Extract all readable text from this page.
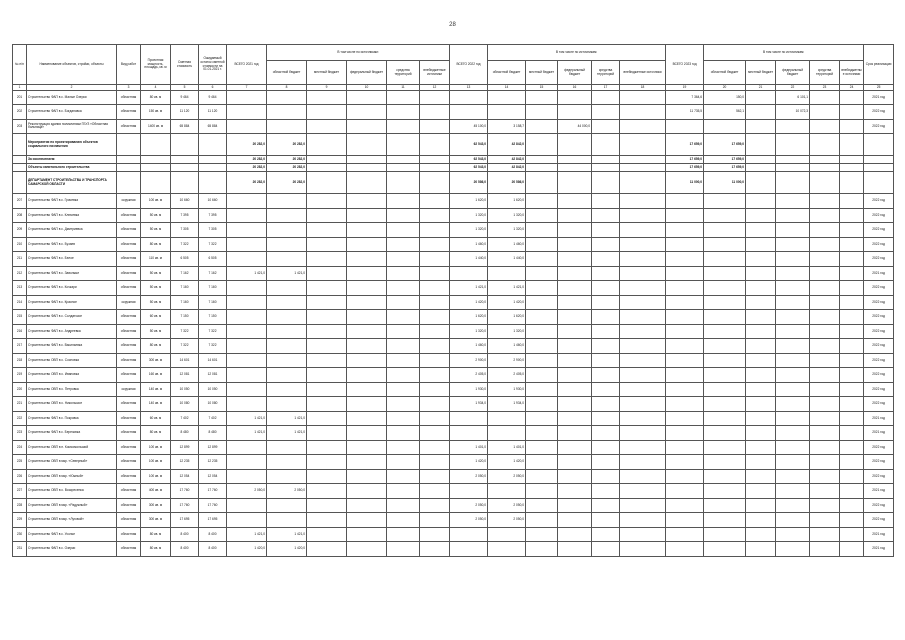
28
№ п/п	Наименование объектов, стройки, объекты	Вид работ	Проектная мощность, площадь, кв. м	Сметная стоимость	Ожидаемый остаток сметной стоимости на 01.01.2021 г.	ВСЕГО 2021 год	В том числе по источникам:					ВСЕГО 2022 год	В том числе по источникам:					ВСЕГО 2023 год	В том числе по источникам:					Срок реализации
							областной бюджет	местный бюджет	федеральный бюджет	средства территорий	внебюджетные источники		областной бюджет	местный бюджет	федеральный бюджет	средства территорий	внебюджетные источники		областной бюджет	местный бюджет	федеральный бюджет	средства территорий	внебюджетные источники	
1	2	3	4	5	6	7	8	9	10	11	12	13	14	15	16	17	18	19	20	21	22	23	24	25
201	Строительство ФАП в с. Малые Озерки	областная	80 кв. м	9 464	9 464													7 364,6	150,0		6 101,1			2021 год
202	Строительство ФАП в с. Богдановка	областная	150 кв. м	11 120	11 120													11 735,5	562,1		10 072,3			2022 год
203	Реконструкция здания поликлиники ГБУЗ «Областная больница»	областная	1400 кв. м	65 884	65 884							45 100,0	3 158,7		44 000,0									2022 год
	Мероприятия по проектированию объектов социального назначения					20 282,0	20 282,0					62 543,0	42 842,0					17 659,0	17 659,0					
	За исключением:					20 282,0	20 282,0					62 543,0	42 842,0					17 659,0	17 659,0					
	Объекты капитального строительства					20 282,0	20 282,0					62 543,0	42 842,0					17 659,0	17 659,0					
	ДЕПАРТАМЕНТ СТРОИТЕЛЬСТВА И ТРАНСПОРТА САМАРСКОЙ ОБЛАСТИ					20 282,0	20 282,0					20 586,0	20 586,0					11 000,0	11 000,0					
207	Строительство ФАП в с. Грачевка	окружная	100 кв. м	10 660	10 660							1 620,0	1 620,0											2022 год
208	Строительство ФАП в с. Ключевка	областная	50 кв. м	7 395	7 395							1 320,0	1 320,0											2022 год
209	Строительство ФАП в с. Дмитриевка	областная	50 кв. м	7 305	7 305							1 320,0	1 320,0											2022 год
210	Строительство ФАП в с. Бузаев	областная	80 кв. м	7 322	7 322							1 460,0	1 460,0											2022 год
211	Строительство ФАП в с. Белое	областная	110 кв. м	6 505	6 505							1 440,0	1 440,0											2022 год
212	Строительство ФАП в с. Заволжье	областная	50 кв. м	7 162	7 162	1 421,0	1 421,0																	2021 год
213	Строительство ФАП в с. Кочкари	областная	50 кв. м	7 160	7 160							1 421,0	1 421,0											2022 год
214	Строительство ФАП в с. Красное	окружная	50 кв. м	7 160	7 160							1 420,0	1 420,0											2022 год
215	Строительство ФАП в с. Солдатское	областная	60 кв. м	7 150	7 150							1 620,0	1 620,0											2022 год
216	Строительство ФАП в с. Андреевка	областная	50 кв. м	7 322	7 322							1 320,0	1 320,0											2022 год
217	Строительство ФАП в с. Васильевка	областная	80 кв. м	7 322	7 322							1 460,0	1 460,0											2022 год
218	Строительство ОВП в с. Сосновка	областная	300 кв. м	14 601	14 601							2 900,0	2 900,0											2022 год
219	Строительство ОВП в с. Ивановка	областная	160 кв. м	12 081	12 081							2 405,0	2 405,0											2022 год
220	Строительство ОВП в с. Петровка	окружная	140 кв. м	10 050	10 050							1 930,0	1 930,0											2022 год
221	Строительство ОВП в с. Никольское	областная	140 кв. м	10 080	10 080							1 934,0	1 934,0											2022 год
222	Строительство ФАП в с. Покровка	областная	60 кв. м	7 402	7 402	1 421,0	1 421,0																	2021 год
223	Строительство ФАП в с. Березовка	областная	80 кв. м	8 480	8 480	1 421,0	1 421,0																	2021 год
224	Строительство ОВП в п. Комсомольский	областная	100 кв. м	12 899	12 899							1 401,0	1 401,0											2022 год
225	Строительство ОВП в мкр. «Северный»	областная	100 кв. м	12 235	12 235							1 420,0	1 420,0											2022 год
226	Строительство ОВП в мкр. «Южный»	областная	100 кв. м	12 054	12 054							2 050,0	2 050,0											2022 год
227	Строительство ОВП в с. Воскресенка	областная	400 кв. м	17 760	17 760	2 050,0	2 050,0																	2021 год
228	Строительство ОВП в мкр. «Радужный»	областная	300 кв. м	17 760	17 760							2 050,0	2 050,0											2022 год
229	Строительство ОВП в мкр. «Луговой»	областная	300 кв. м	17 695	17 695							2 050,0	2 050,0											2022 год
230	Строительство ФАП в с. Усолье	областная	80 кв. м	8 400	8 400	1 421,0	1 421,0																	2021 год
231	Строительство ФАП в с. Озерки	областная	80 кв. м	8 400	8 400	1 420,0	1 420,0																	2021 год
